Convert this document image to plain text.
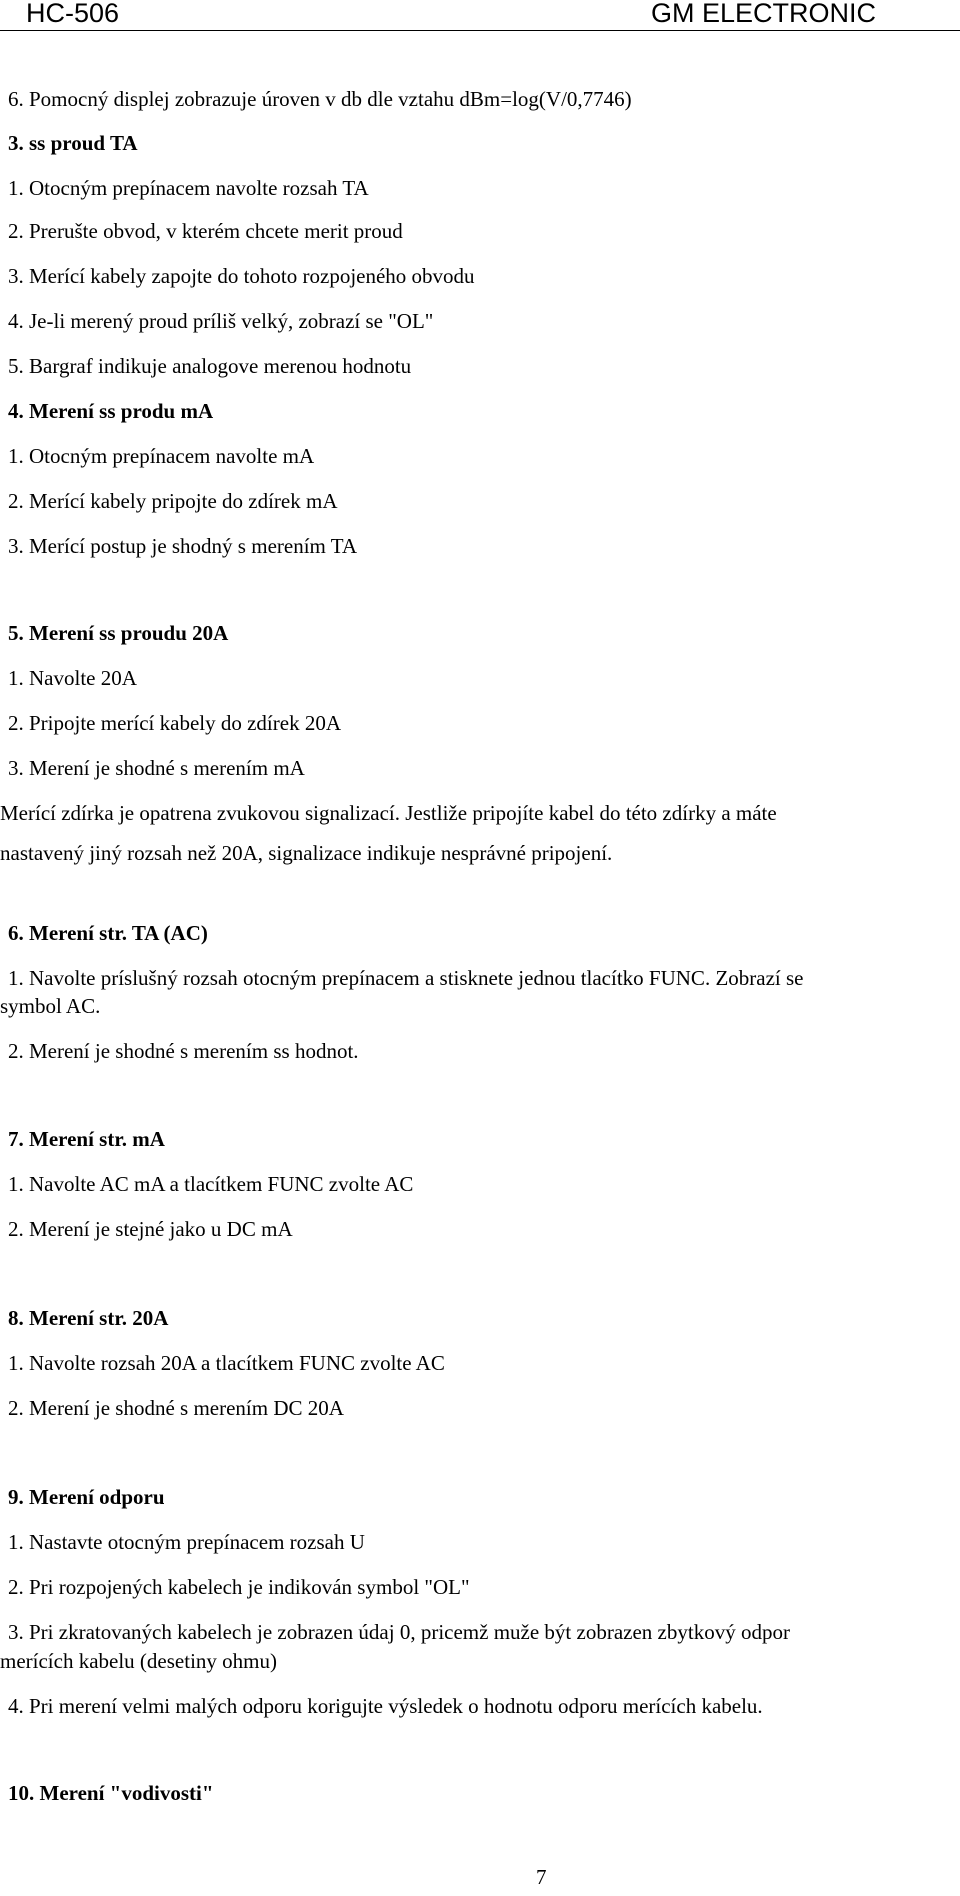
HC-506	GM ELECTRONIC
6. Pomocný displej zobrazuje úroven v db dle vztahu dBm=log(V/0,7746)
3. ss proud TA
1. Otocným prepínacem navolte rozsah TA
2. Prerušte obvod, v kterém chcete merit proud
3. Merící kabely zapojte do tohoto rozpojeného obvodu
4. Je-li merený proud príliš velký, zobrazí se "OL"
5. Bargraf indikuje analogove merenou hodnotu
4. Merení ss produ mA
1. Otocným prepínacem navolte mA
2. Merící kabely pripojte do zdírek mA
3. Merící postup je shodný s merením TA
5. Merení ss proudu 20A
1. Navolte 20A
2. Pripojte merící kabely do zdírek 20A
3. Merení je shodné s merením mA
Merící zdírka je opatrena zvukovou signalizací. Jestliže pripojíte kabel do této zdírky a máte
nastavený jiný rozsah než 20A, signalizace indikuje nesprávné pripojení.
6. Merení str. TA (AC)
1. Navolte príslušný rozsah otocným prepínacem a stisknete jednou tlacítko FUNC. Zobrazí se
symbol AC.
2. Merení je shodné s merením ss hodnot.
7. Merení str. mA
1. Navolte AC mA a tlacítkem FUNC zvolte AC
2. Merení je stejné jako u DC mA
8. Merení str. 20A
1. Navolte rozsah 20A a tlacítkem FUNC zvolte AC
2. Merení je shodné s merením DC 20A
9. Merení odporu
1. Nastavte otocným prepínacem rozsah U
2. Pri rozpojených kabelech je indikován symbol "OL"
3. Pri zkratovaných kabelech je zobrazen údaj 0, pricemž muže být zobrazen zbytkový odpor
merících kabelu (desetiny ohmu)
4. Pri merení velmi malých odporu korigujte výsledek o hodnotu odporu merících kabelu.
10. Merení "vodivosti"
7
